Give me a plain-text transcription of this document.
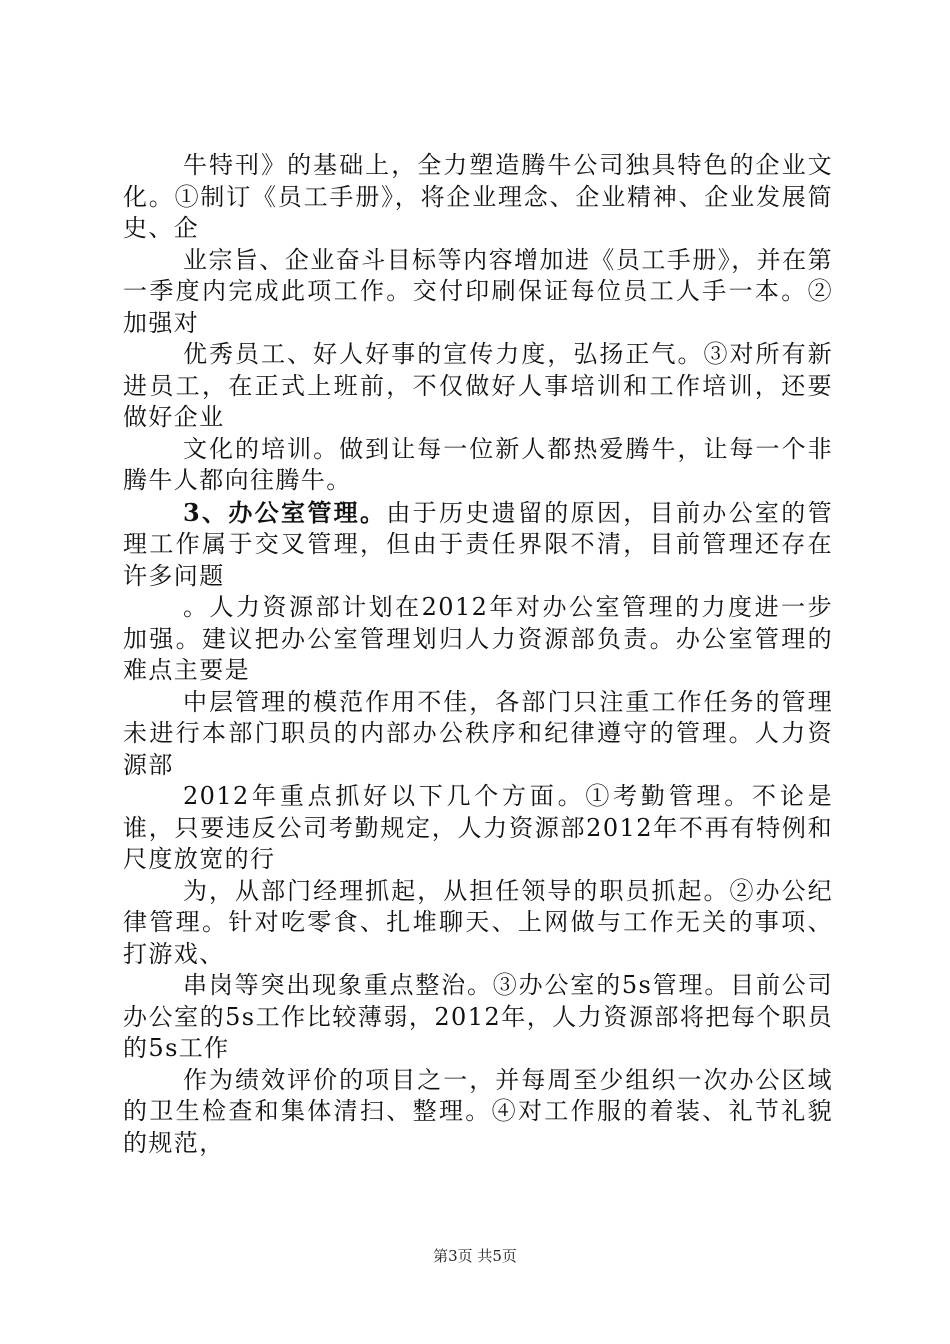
牛特刊》的基础上，全力塑造腾牛公司独具特色的企业文化。①制订《员工手册》，将企业理念、企业精神、企业发展简史、企

业宗旨、企业奋斗目标等内容增加进《员工手册》，并在第一季度内完成此项工作。交付印刷保证每位员工人手一本。②加强对

优秀员工、好人好事的宣传力度，弘扬正气。③对所有新进员工，在正式上班前，不仅做好人事培训和工作培训，还要做好企业

文化的培训。做到让每一位新人都热爱腾牛，让每一个非腾牛人都向往腾牛。

3、办公室管理。由于历史遗留的原因，目前办公室的管理工作属于交叉管理，但由于责任界限不清，目前管理还存在许多问题

。人力资源部计划在2012年对办公室管理的力度进一步加强。建议把办公室管理划归人力资源部负责。办公室管理的难点主要是

中层管理的模范作用不佳，各部门只注重工作任务的管理未进行本部门职员的内部办公秩序和纪律遵守的管理。人力资源部

2012年重点抓好以下几个方面。①考勤管理。不论是谁，只要违反公司考勤规定，人力资源部2012年不再有特例和尺度放宽的行

为，从部门经理抓起，从担任领导的职员抓起。②办公纪律管理。针对吃零食、扎堆聊天、上网做与工作无关的事项、打游戏、

串岗等突出现象重点整治。③办公室的5s管理。目前公司办公室的5s工作比较薄弱，2012年，人力资源部将把每个职员的5s工作

作为绩效评价的项目之一，并每周至少组织一次办公区域的卫生检查和集体清扫、整理。④对工作服的着装、礼节礼貌的规范，

第3页 共5页
